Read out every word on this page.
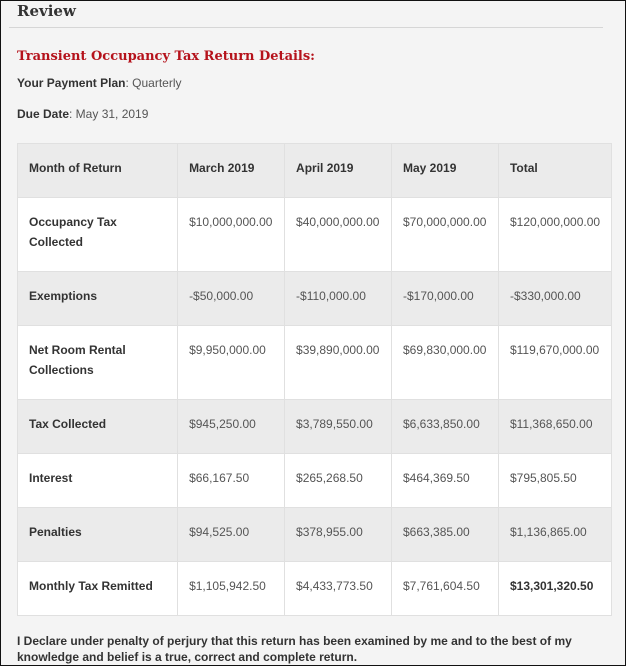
Review
Transient Occupancy Tax Return Details:
Your Payment Plan: Quarterly
Due Date: May 31, 2019
Month of Return	March 2019	April 2019	May 2019	Total
Occupancy Tax Collected	$10,000,000.00	$40,000,000.00	$70,000,000.00	$120,000,000.00
Exemptions	-$50,000.00	-$110,000.00	-$170,000.00	-$330,000.00
Net Room Rental Collections	$9,950,000.00	$39,890,000.00	$69,830,000.00	$119,670,000.00
Tax Collected	$945,250.00	$3,789,550.00	$6,633,850.00	$11,368,650.00
Interest	$66,167.50	$265,268.50	$464,369.50	$795,805.50
Penalties	$94,525.00	$378,955.00	$663,385.00	$1,136,865.00
Monthly Tax Remitted	$1,105,942.50	$4,433,773.50	$7,761,604.50	$13,301,320.50
I Declare under penalty of perjury that this return has been examined by me and to the best of my knowledge and belief is a true, correct and complete return.
